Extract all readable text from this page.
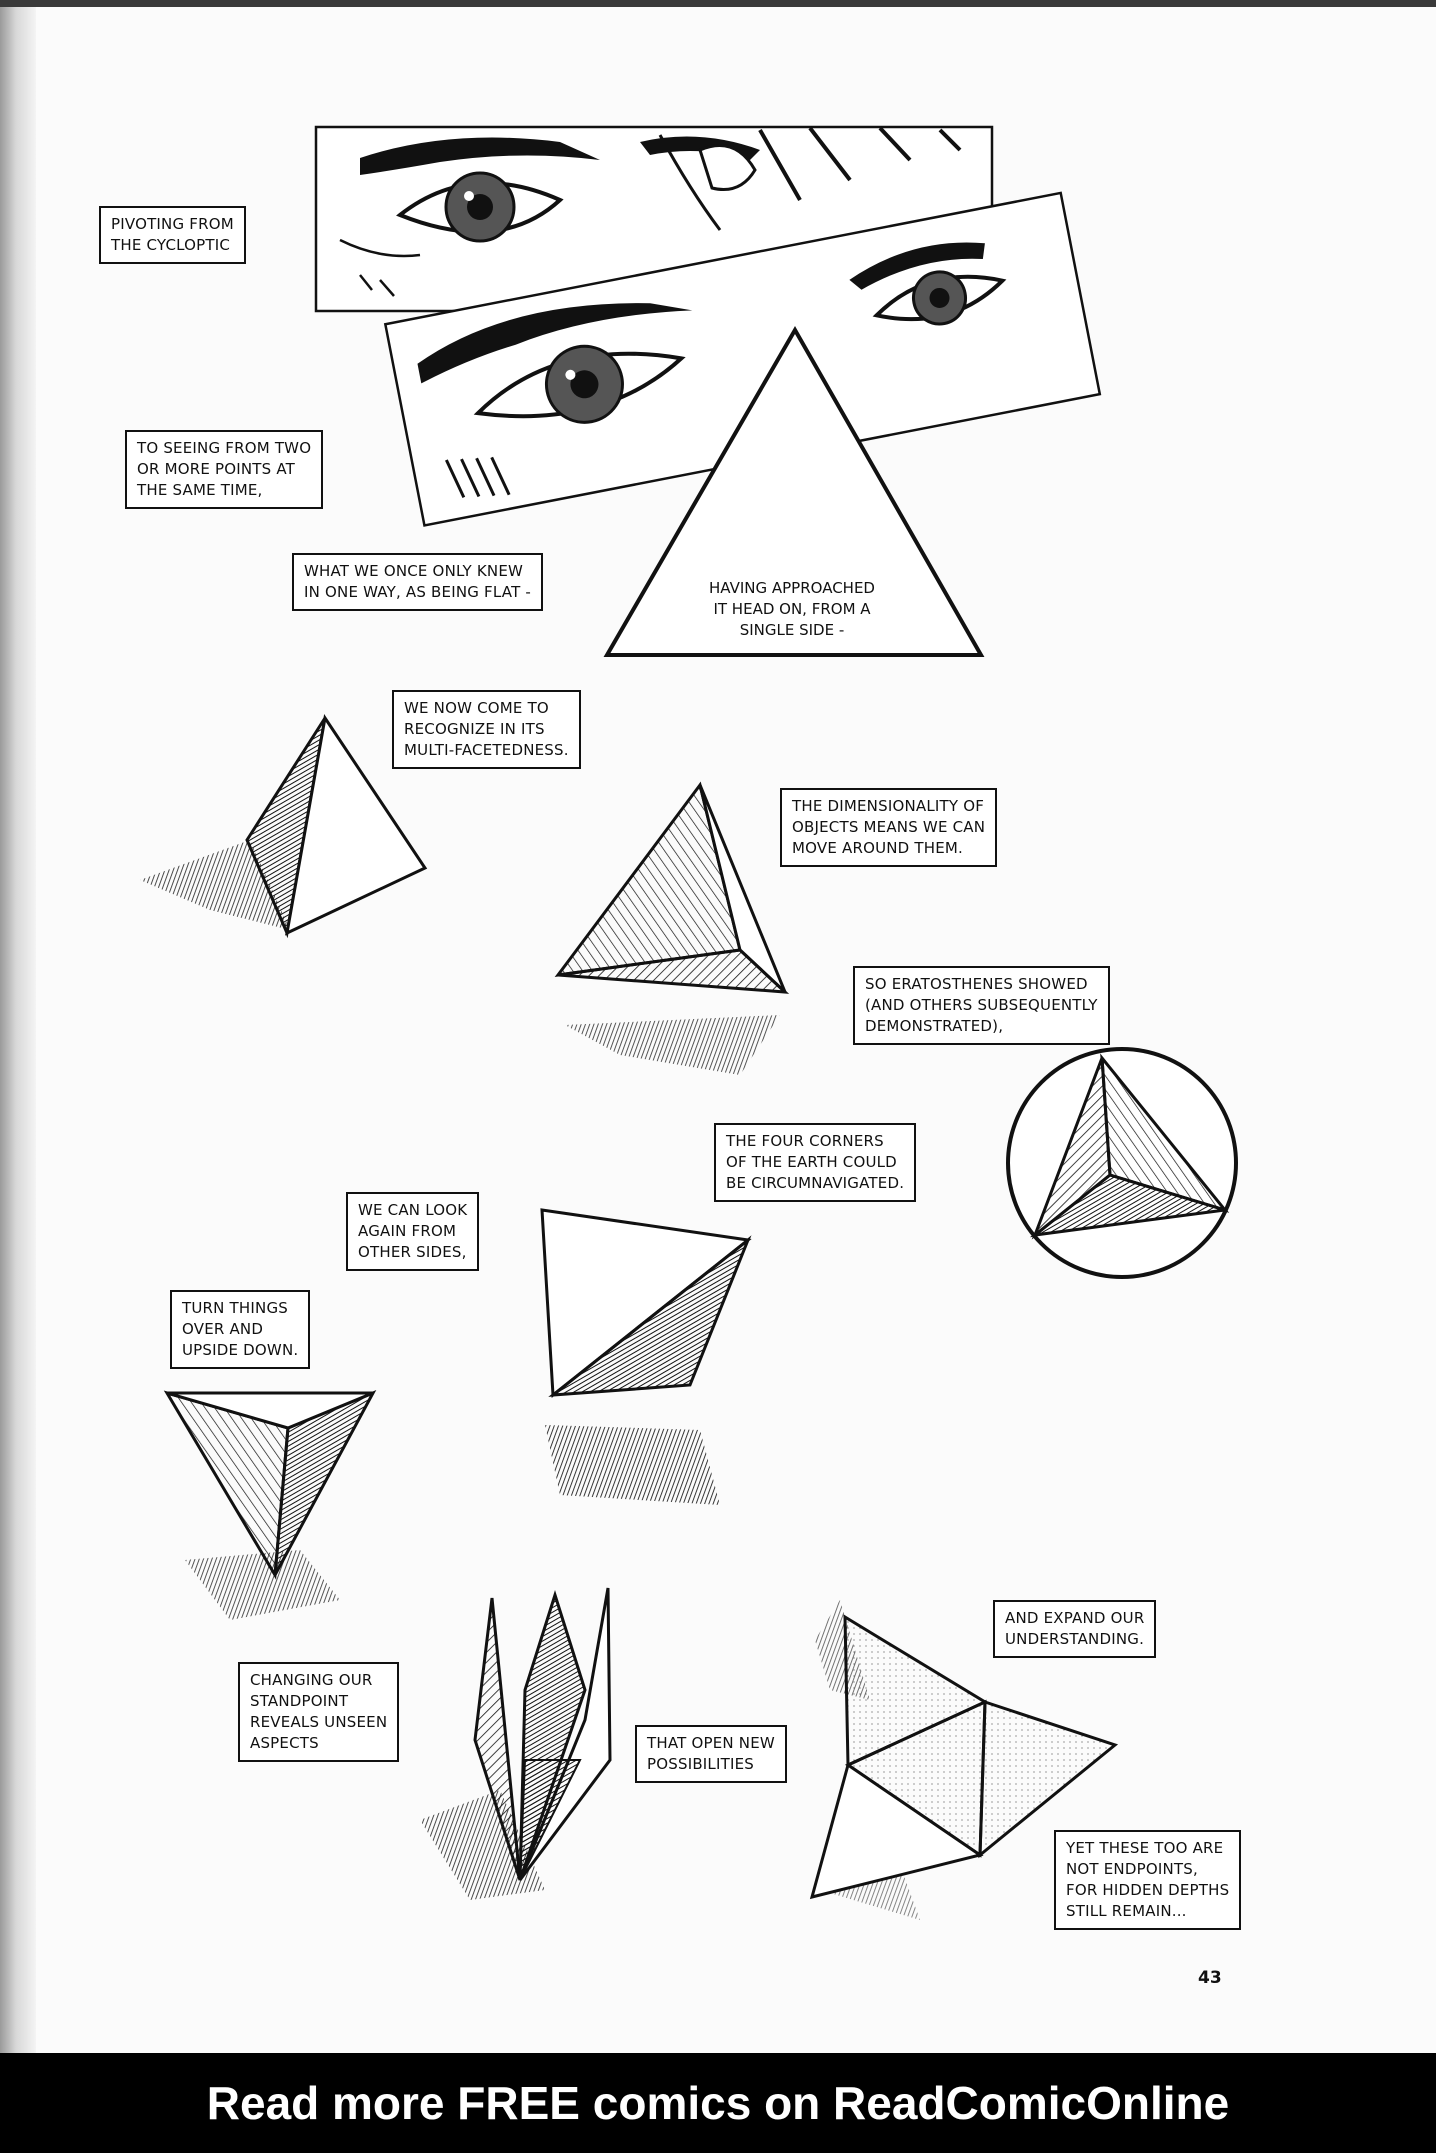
PIVOTING FROM
THE CYCLOPTIC
TO SEEING FROM TWO
OR MORE POINTS AT
THE SAME TIME,
WHAT WE ONCE ONLY KNEW
IN ONE WAY, AS BEING FLAT -	HAVING APPROACHED
IT HEAD ON, FROM A
SINGLE SIDE -
WE NOW COME TO
RECOGNIZE IN ITS
MULTI-FACETEDNESS.
THE DIMENSIONALITY OF
OBJECTS MEANS WE CAN
MOVE AROUND THEM.
SO ERATOSTHENES SHOWED
(AND OTHERS SUBSEQUENTLY
DEMONSTRATED),
THE FOUR CORNERS
OF THE EARTH COULD
BE CIRCUMNAVIGATED.
WE CAN LOOK
AGAIN FROM
OTHER SIDES,
TURN THINGS
OVER AND
UPSIDE DOWN.
AND EXPAND OUR
UNDERSTANDING.
CHANGING OUR
STANDPOINT
REVEALS UNSEEN
ASPECTS	THAT OPEN NEW
POSSIBILITIES
YET THESE TOO ARE
NOT ENDPOINTS,
FOR HIDDEN DEPTHS
STILL REMAIN...
43
Read more FREE comics on ReadComicOnline
